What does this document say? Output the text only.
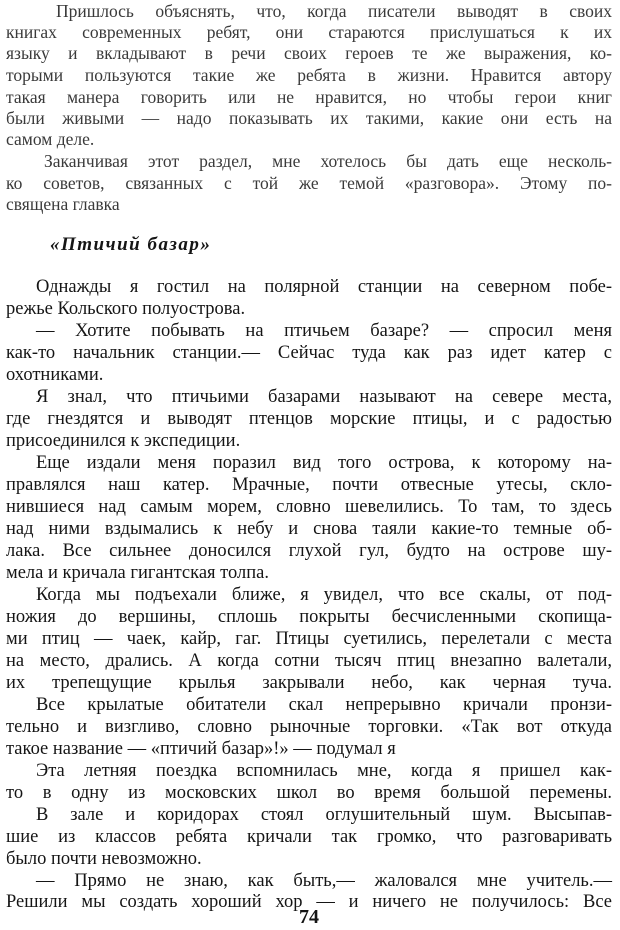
Пришлось объяснять, что, когда писатели выводят в своих
книгах современных ребят, они стараются прислушаться к их
языку и вкладывают в речи своих героев те же выражения, ко-
торыми пользуются такие же ребята в жизни. Нравится автору
такая манера говорить или не нравится, но чтобы герои книг
были живыми — надо показывать их такими, какие они есть на
самом деле.
Заканчивая этот раздел, мне хотелось бы дать еще несколь-
ко советов, связанных с той же темой «разговора». Этому по-
священа главка
«Птичий базар»
Однажды я гостил на полярной станции на северном побе-
режье Кольского полуострова.
— Хотите побывать на птичьем базаре? — спросил меня
как-то начальник станции.— Сейчас туда как раз идет катер с
охотниками.
Я знал, что птичьими базарами называют на севере места,
где гнездятся и выводят птенцов морские птицы, и с радостью
присоединился к экспедиции.
Еще издали меня поразил вид того острова, к которому на-
правлялся наш катер. Мрачные, почти отвесные утесы, скло-
нившиеся над самым морем, словно шевелились. То там, то здесь
над ними вздымались к небу и снова таяли какие-то темные об-
лака. Все сильнее доносился глухой гул, будто на острове шу-
мела и кричала гигантская толпа.
Когда мы подъехали ближе, я увидел, что все скалы, от под-
ножия до вершины, сплошь покрыты бесчисленными скопища-
ми птиц — чаек, кайр, гаг. Птицы суетились, перелетали с места
на место, дрались. А когда сотни тысяч птиц внезапно валетали,
их трепещущие крылья закрывали небо, как черная туча.
Все крылатые обитатели скал непрерывно кричали пронзи-
тельно и визгливо, словно рыночные торговки. «Так вот откуда
такое название — «птичий базар»!» — подумал я
Эта летняя поездка вспомнилась мне, когда я пришел как-
то в одну из московских школ во время большой перемены.
В зале и коридорах стоял оглушительный шум. Высыпав-
шие из классов ребята кричали так громко, что разговаривать
было почти невозможно.
— Прямо не знаю, как быть,— жаловался мне учитель.—
Решили мы создать хороший хор — и ничего не получилось: Все
74
